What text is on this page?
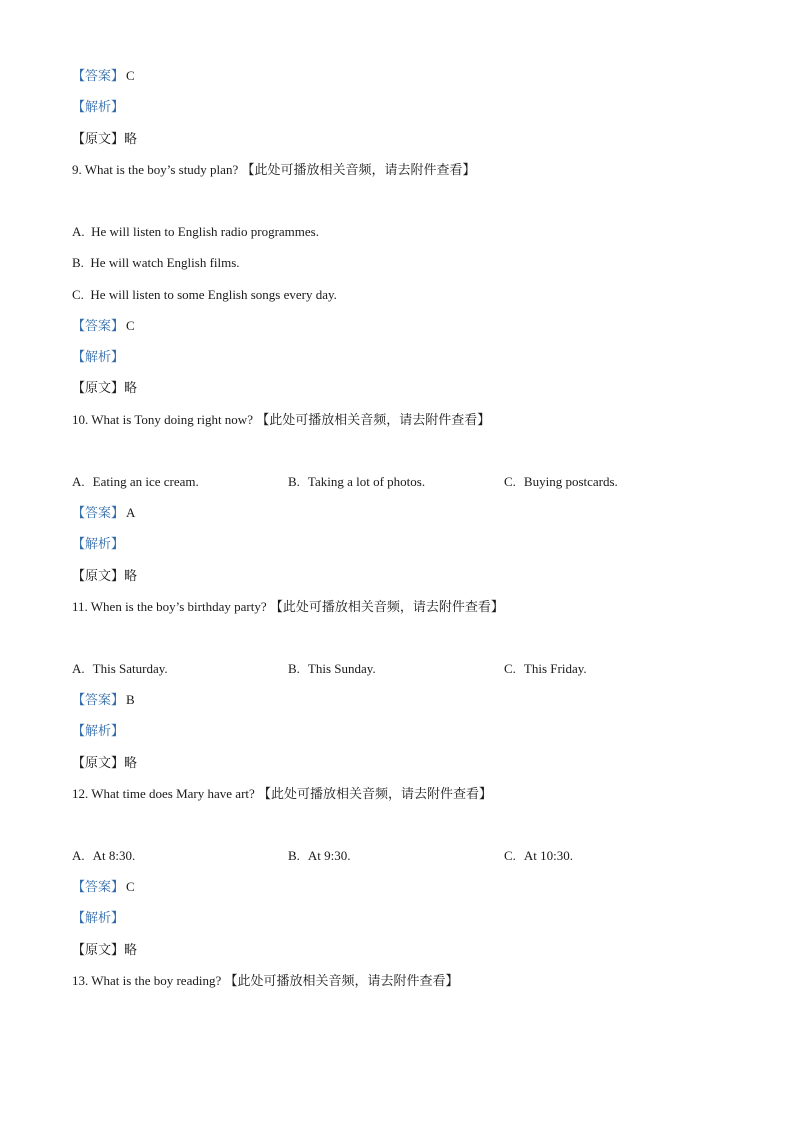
【答案】 C
【解析】
【原文】略
9. What is the boy’s study plan? 【此处可播放相关音频，请去附件查看】
A. He will listen to English radio programmes.
B. He will watch English films.
C. He will listen to some English songs every day.
【答案】 C
【解析】
【原文】略
10. What is Tony doing right now? 【此处可播放相关音频，请去附件查看】
A. Eating an ice cream.	B. Taking a lot of photos.	C. Buying postcards.
【答案】 A
【解析】
【原文】略
11. When is the boy’s birthday party? 【此处可播放相关音频，请去附件查看】
A. This Saturday.	B. This Sunday.	C. This Friday.
【答案】 B
【解析】
【原文】略
12. What time does Mary have art? 【此处可播放相关音频，请去附件查看】
A. At 8:30.	B. At 9:30.	C. At 10:30.
【答案】 C
【解析】
【原文】略
13. What is the boy reading? 【此处可播放相关音频，请去附件查看】
